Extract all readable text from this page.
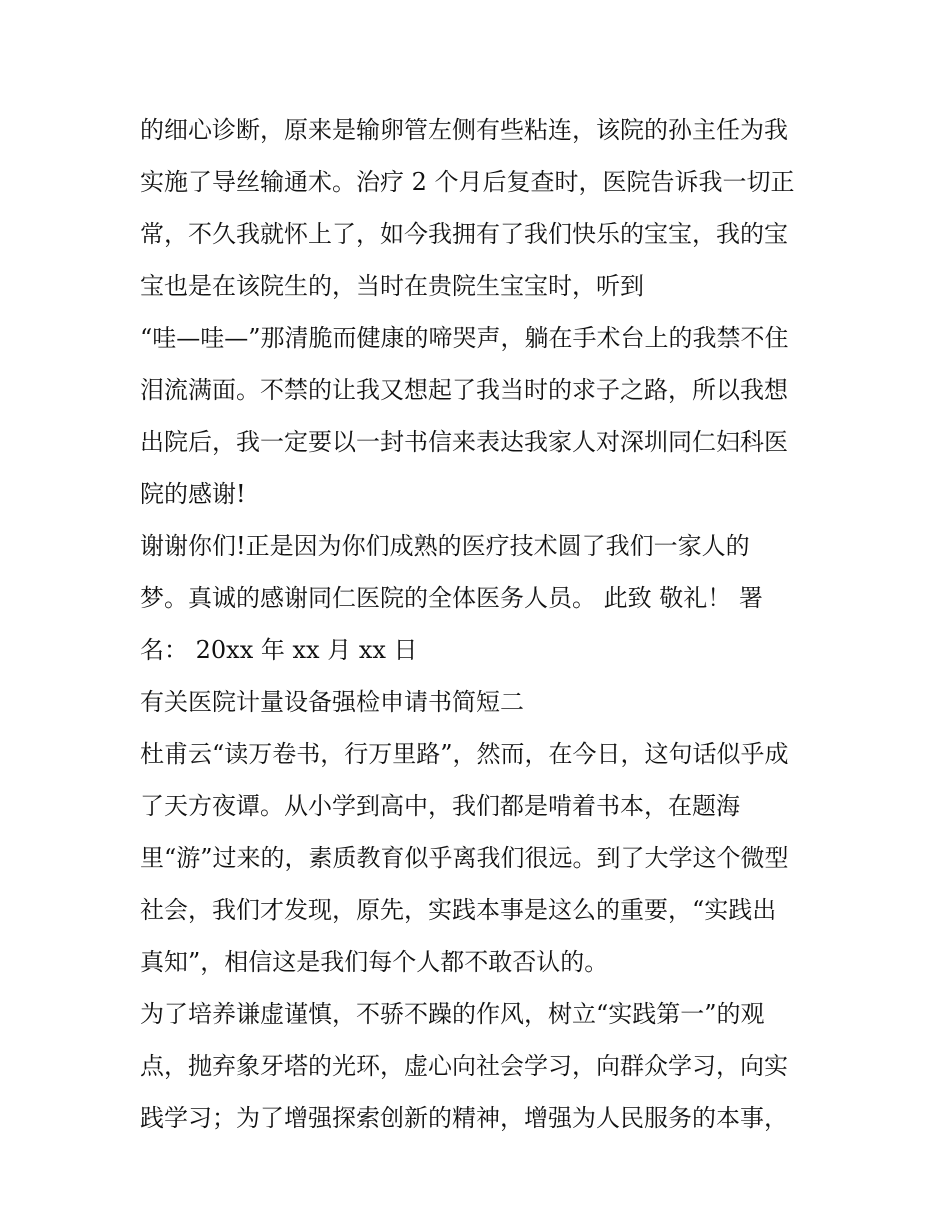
的细心诊断，原来是输卵管左侧有些粘连，该院的孙主任为我
实施了导丝输通术。治疗 2 个月后复查时，医院告诉我一切正
常，不久我就怀上了，如今我拥有了我们快乐的宝宝，我的宝
宝也是在该院生的，当时在贵院生宝宝时，听到
“哇—哇—”那清脆而健康的啼哭声，躺在手术台上的我禁不住
泪流满面。不禁的让我又想起了我当时的求子之路，所以我想
出院后，我一定要以一封书信来表达我家人对深圳同仁妇科医
院的感谢!
谢谢你们!正是因为你们成熟的医疗技术圆了我们一家人的
梦。真诚的感谢同仁医院的全体医务人员。 此致 敬礼！ 署
名： 20xx 年 xx 月 xx 日
有关医院计量设备强检申请书简短二
杜甫云“读万卷书，行万里路”，然而，在今日，这句话似乎成
了天方夜谭。从小学到高中，我们都是啃着书本，在题海
里“游”过来的，素质教育似乎离我们很远。到了大学这个微型
社会，我们才发现，原先，实践本事是这么的重要，“实践出
真知”，相信这是我们每个人都不敢否认的。
为了培养谦虚谨慎，不骄不躁的作风，树立“实践第一”的观
点，抛弃象牙塔的光环，虚心向社会学习，向群众学习，向实
践学习；为了增强探索创新的精神，增强为人民服务的本事，
